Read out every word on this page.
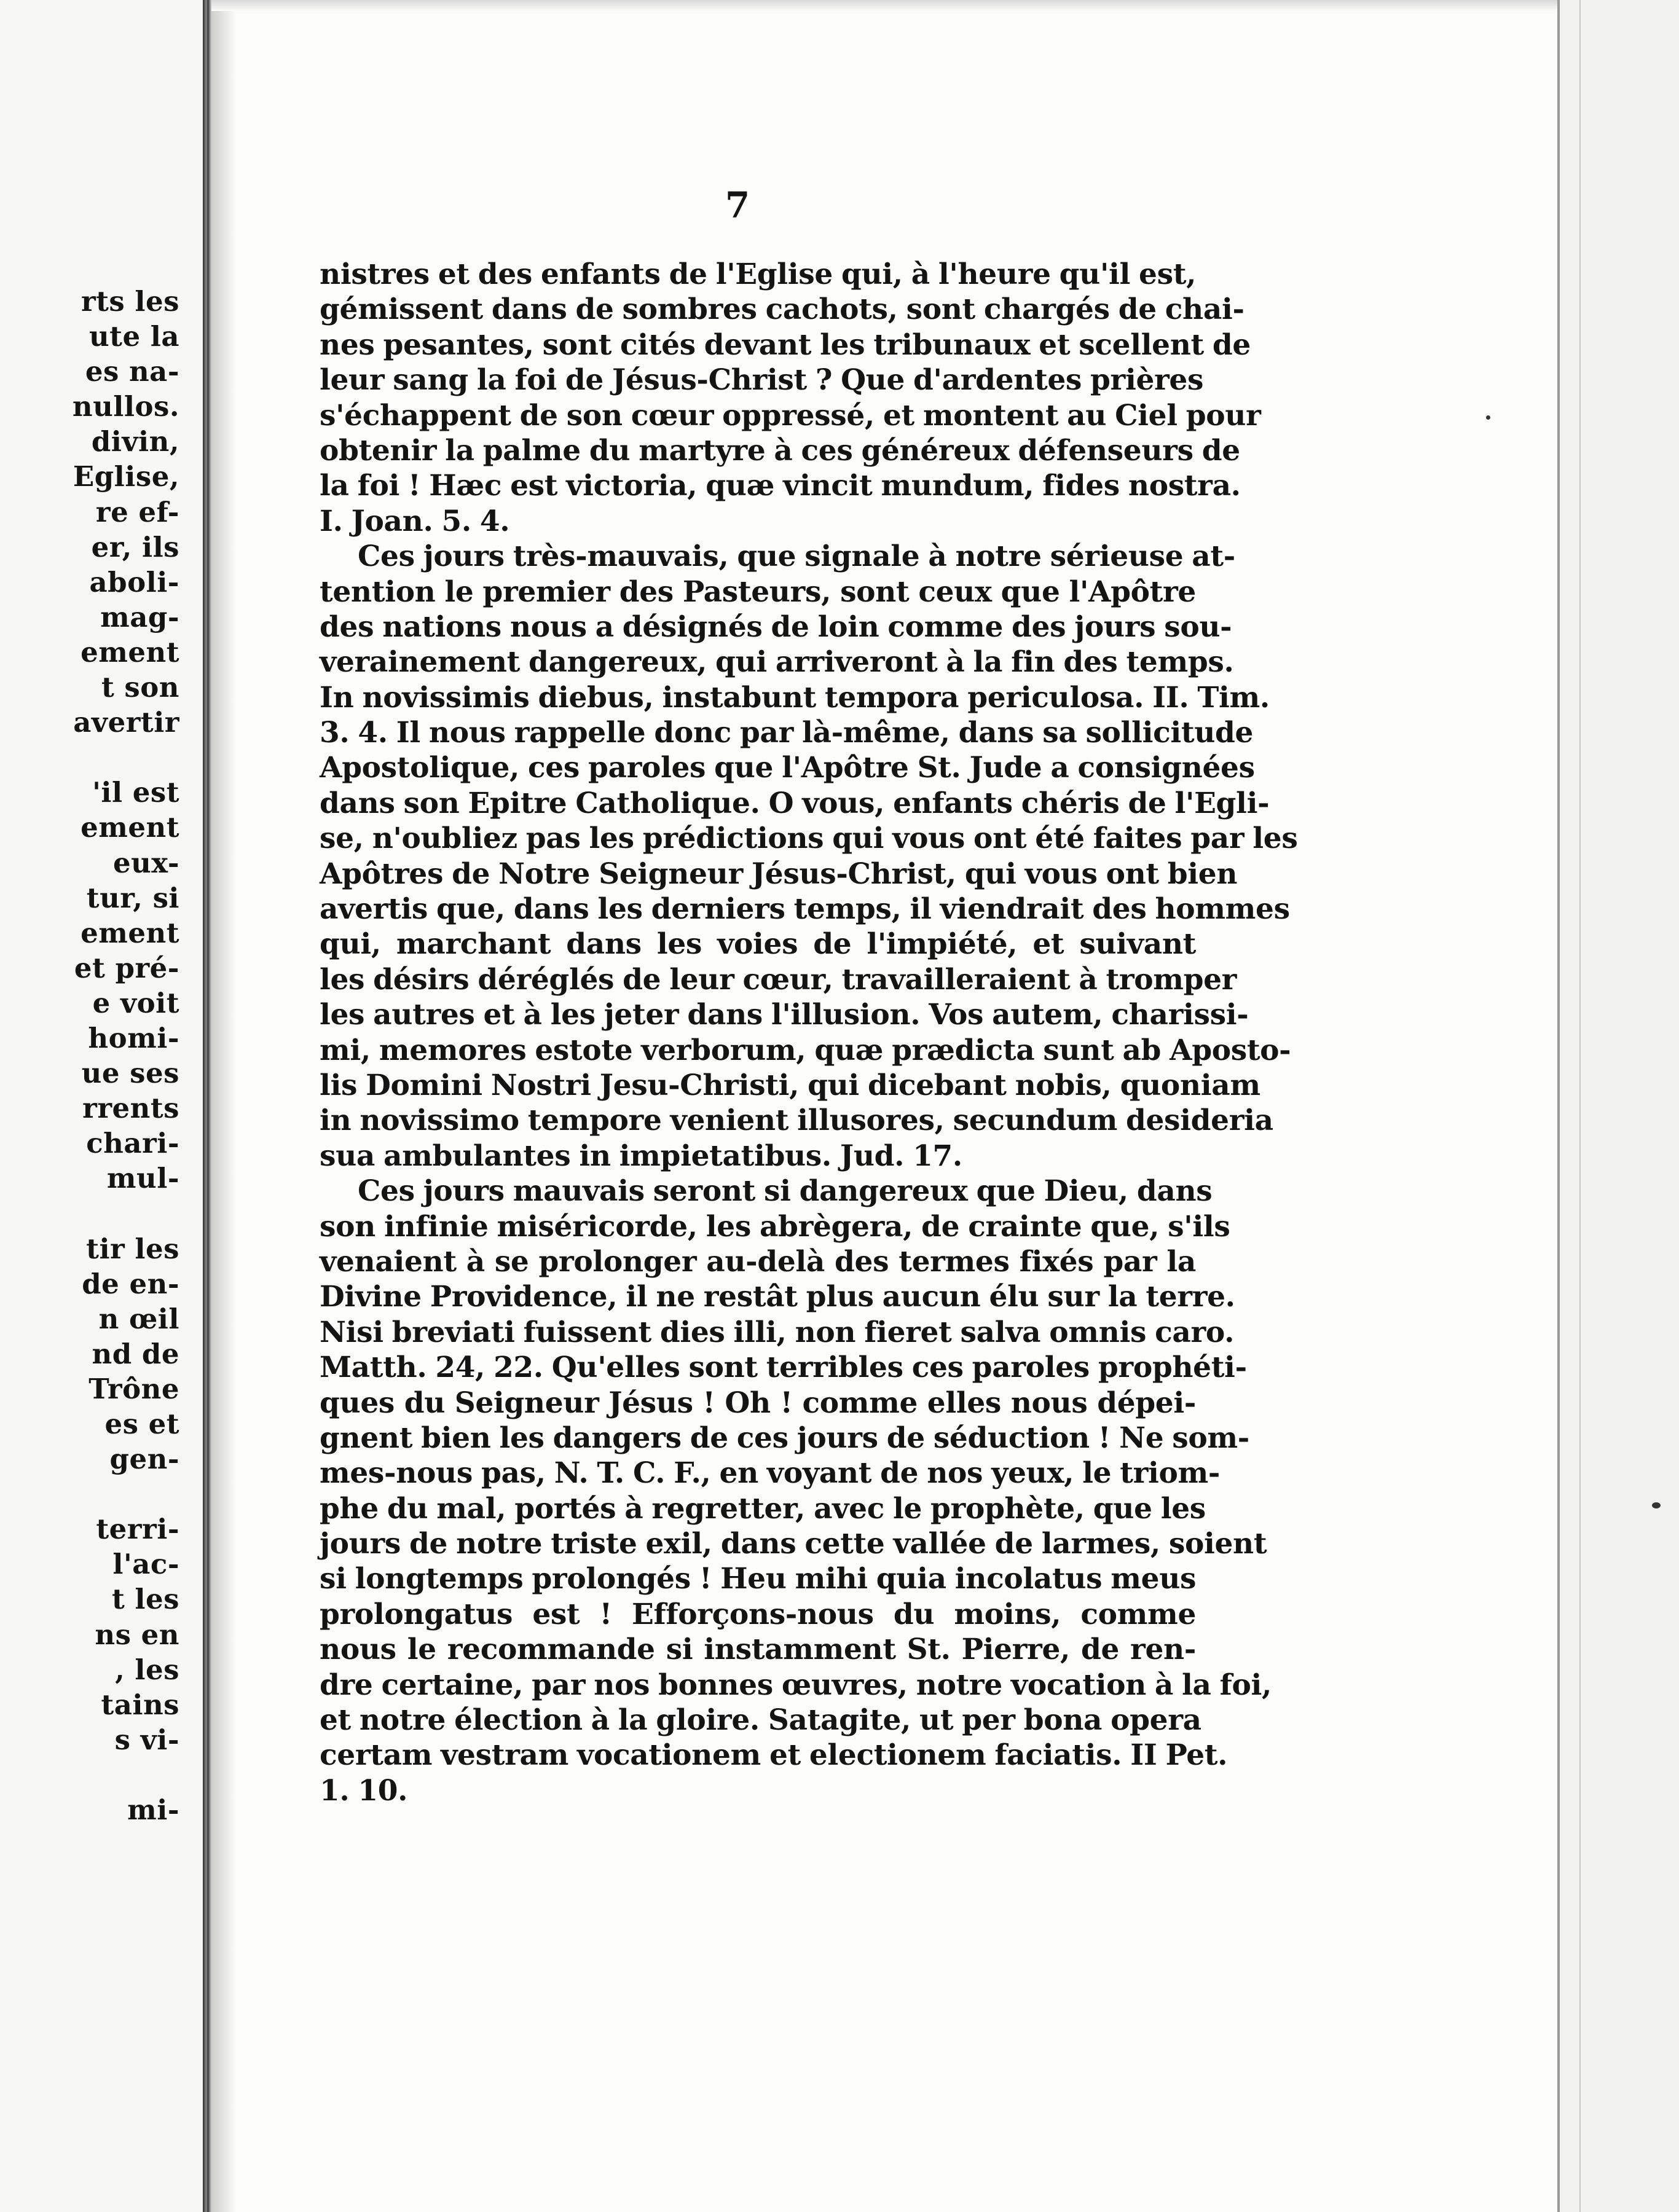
rts les
ute la
es na-
nullos.
divin,
Eglise,
re ef-
er, ils
aboli-
mag-
ement
t son
avertir
'il est
ement
eux-
tur, si
ement
et pré-
e voit
homi-
ue ses
rrents
chari-
mul-
tir les
de en-
n œil
nd de
Trône
es et
gen-
terri-
l'ac-
t les
ns en
, les
tains
s vi-
mi-
7
nistres et des enfants de l'Eglise qui, à l'heure qu'il est,
gémissent dans de sombres cachots, sont chargés de chai-
nes pesantes, sont cités devant les tribunaux et scellent de
leur sang la foi de Jésus-Christ ? Que d'ardentes prières
s'échappent de son cœur oppressé, et montent au Ciel pour
obtenir la palme du martyre à ces généreux défenseurs de
la foi ! Hæc est victoria, quæ vincit mundum, fides nostra.
I. Joan. 5. 4.
Ces jours très-mauvais, que signale à notre sérieuse at-
tention le premier des Pasteurs, sont ceux que l'Apôtre
des nations nous a désignés de loin comme des jours sou-
verainement dangereux, qui arriveront à la fin des temps.
In novissimis diebus, instabunt tempora periculosa. II. Tim.
3. 4. Il nous rappelle donc par là-même, dans sa sollicitude
Apostolique, ces paroles que l'Apôtre St. Jude a consignées
dans son Epitre Catholique. O vous, enfants chéris de l'Egli-
se, n'oubliez pas les prédictions qui vous ont été faites par les
Apôtres de Notre Seigneur Jésus-Christ, qui vous ont bien
avertis que, dans les derniers temps, il viendrait des hommes
qui, marchant dans les voies de l'impiété, et suivant
les désirs déréglés de leur cœur, travailleraient à tromper
les autres et à les jeter dans l'illusion. Vos autem, charissi-
mi, memores estote verborum, quæ prædicta sunt ab Aposto-
lis Domini Nostri Jesu-Christi, qui dicebant nobis, quoniam
in novissimo tempore venient illusores, secundum desideria
sua ambulantes in impietatibus. Jud. 17.
Ces jours mauvais seront si dangereux que Dieu, dans
son infinie miséricorde, les abrègera, de crainte que, s'ils
venaient à se prolonger au-delà des termes fixés par la
Divine Providence, il ne restât plus aucun élu sur la terre.
Nisi breviati fuissent dies illi, non fieret salva omnis caro.
Matth. 24, 22. Qu'elles sont terribles ces paroles prophéti-
ques du Seigneur Jésus ! Oh ! comme elles nous dépei-
gnent bien les dangers de ces jours de séduction ! Ne som-
mes-nous pas, N. T. C. F., en voyant de nos yeux, le triom-
phe du mal, portés à regretter, avec le prophète, que les
jours de notre triste exil, dans cette vallée de larmes, soient
si longtemps prolongés ! Heu mihi quia incolatus meus
prolongatus est ! Efforçons-nous du moins, comme
nous le recommande si instamment St. Pierre, de ren-
dre certaine, par nos bonnes œuvres, notre vocation à la foi,
et notre élection à la gloire. Satagite, ut per bona opera
certam vestram vocationem et electionem faciatis. II Pet.
1. 10.
